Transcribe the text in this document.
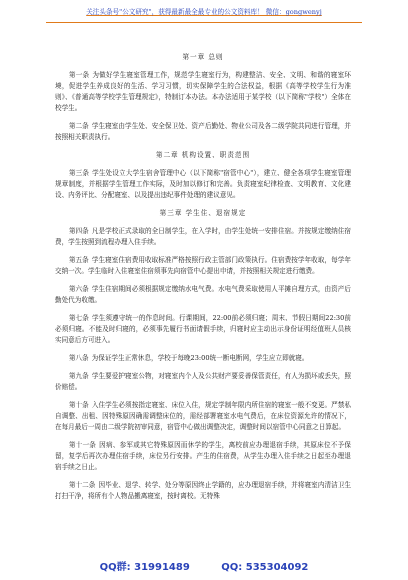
关注头条号"公文研究"，获得最新最全最专业的公文资料库！ 微信：gongwenyj
第一章 总则

第一条 为做好学生寝室管理工作，规范学生寝室行为，构建整洁、安全、文明、和谐的寝室环境，促进学生养成良好的生活、学习习惯，切实保障学生的合法权益，根据《高等学校学生行为准则》、《普通高等学校学生管理规定》，特制订本办法。本办法适用于某学校（以下简称"学校"）全体在校学生。

第二条 学生寝室由学生处、安全保卫处、资产后勤处、物业公司及各二级学院共同进行管理，并按照相关职责执行。

第二章 机构设置、职责范围

第三条 学生处设立大学生宿舍管理中心（以下简称"宿管中心"），建立、健全各项学生寝室管理规章制度，并根据学生管理工作实际，及时加以修订和完善。负责寝室纪律检查、文明教育、文化建设、内务评比、分配寝室、以及提出违纪事件处理的建议意见。

第三章 学生住、退宿规定

第四条 凡是学校正式录取的全日制学生，在入学时，由学生处统一安排住宿。并按规定缴纳住宿费，学生按照到流程办理入住手续。

第五条 学生寝室住宿费用收取标准严格按照行政主管部门政策执行。住宿费按学年收取，每学年交纳一次。学生临时入住寝室住宿须事先向宿管中心提出申请，并按照相关规定进行缴费。

第六条 学生住宿期间必须根据规定缴纳水电气费。水电气费采取使用人平摊自理方式，由资产后勤处代为收缴。

第七条 学生须遵守统一的作息时间。行课期间，22:00前必须归寝；周末、节假日期间22:30前必须归寝。不能及时归寝的，必须事先履行书面请假手续，归寝时应主动出示身份证明经值班人员核实同意后方可进入。

第八条 为保证学生正常休息，学校于每晚23:00统一断电断网，学生应立即就寝。

第九条 学生要爱护寝室公物，对寝室内个人及公共财产要妥善保管责任，有人为损坏或丢失，照价赔偿。

第十条 入住学生必须按指定寝室、床位入住，规定学制年限内所住宿的寝室一般不变更。严禁私自调整、出租、因特殊原因确需调整床位的，需经部署寝室水电气费后，在床位资源允许的情况下，在每月最后一周由二级学院初审同意，宿管中心做出调整决定，调整时间以宿管中心同意之日算起。

第十一条 因病、参军或其它特殊原因而休学的学生，离校前应办理退宿手续，其原床位不予保留，复学后再次办理住宿手续，床位另行安排。产生的住宿费，从学生办理入住手续之日起至办理退宿手续之日止。

第十二条 因毕业、退学、转学、处分等原因终止学籍的，应办理退宿手续，并将寝室内清洁卫生打扫干净，将所有个人物品搬离寝室，按时离校。无特殊

QQ群: 31991489	QQ: 535304092
